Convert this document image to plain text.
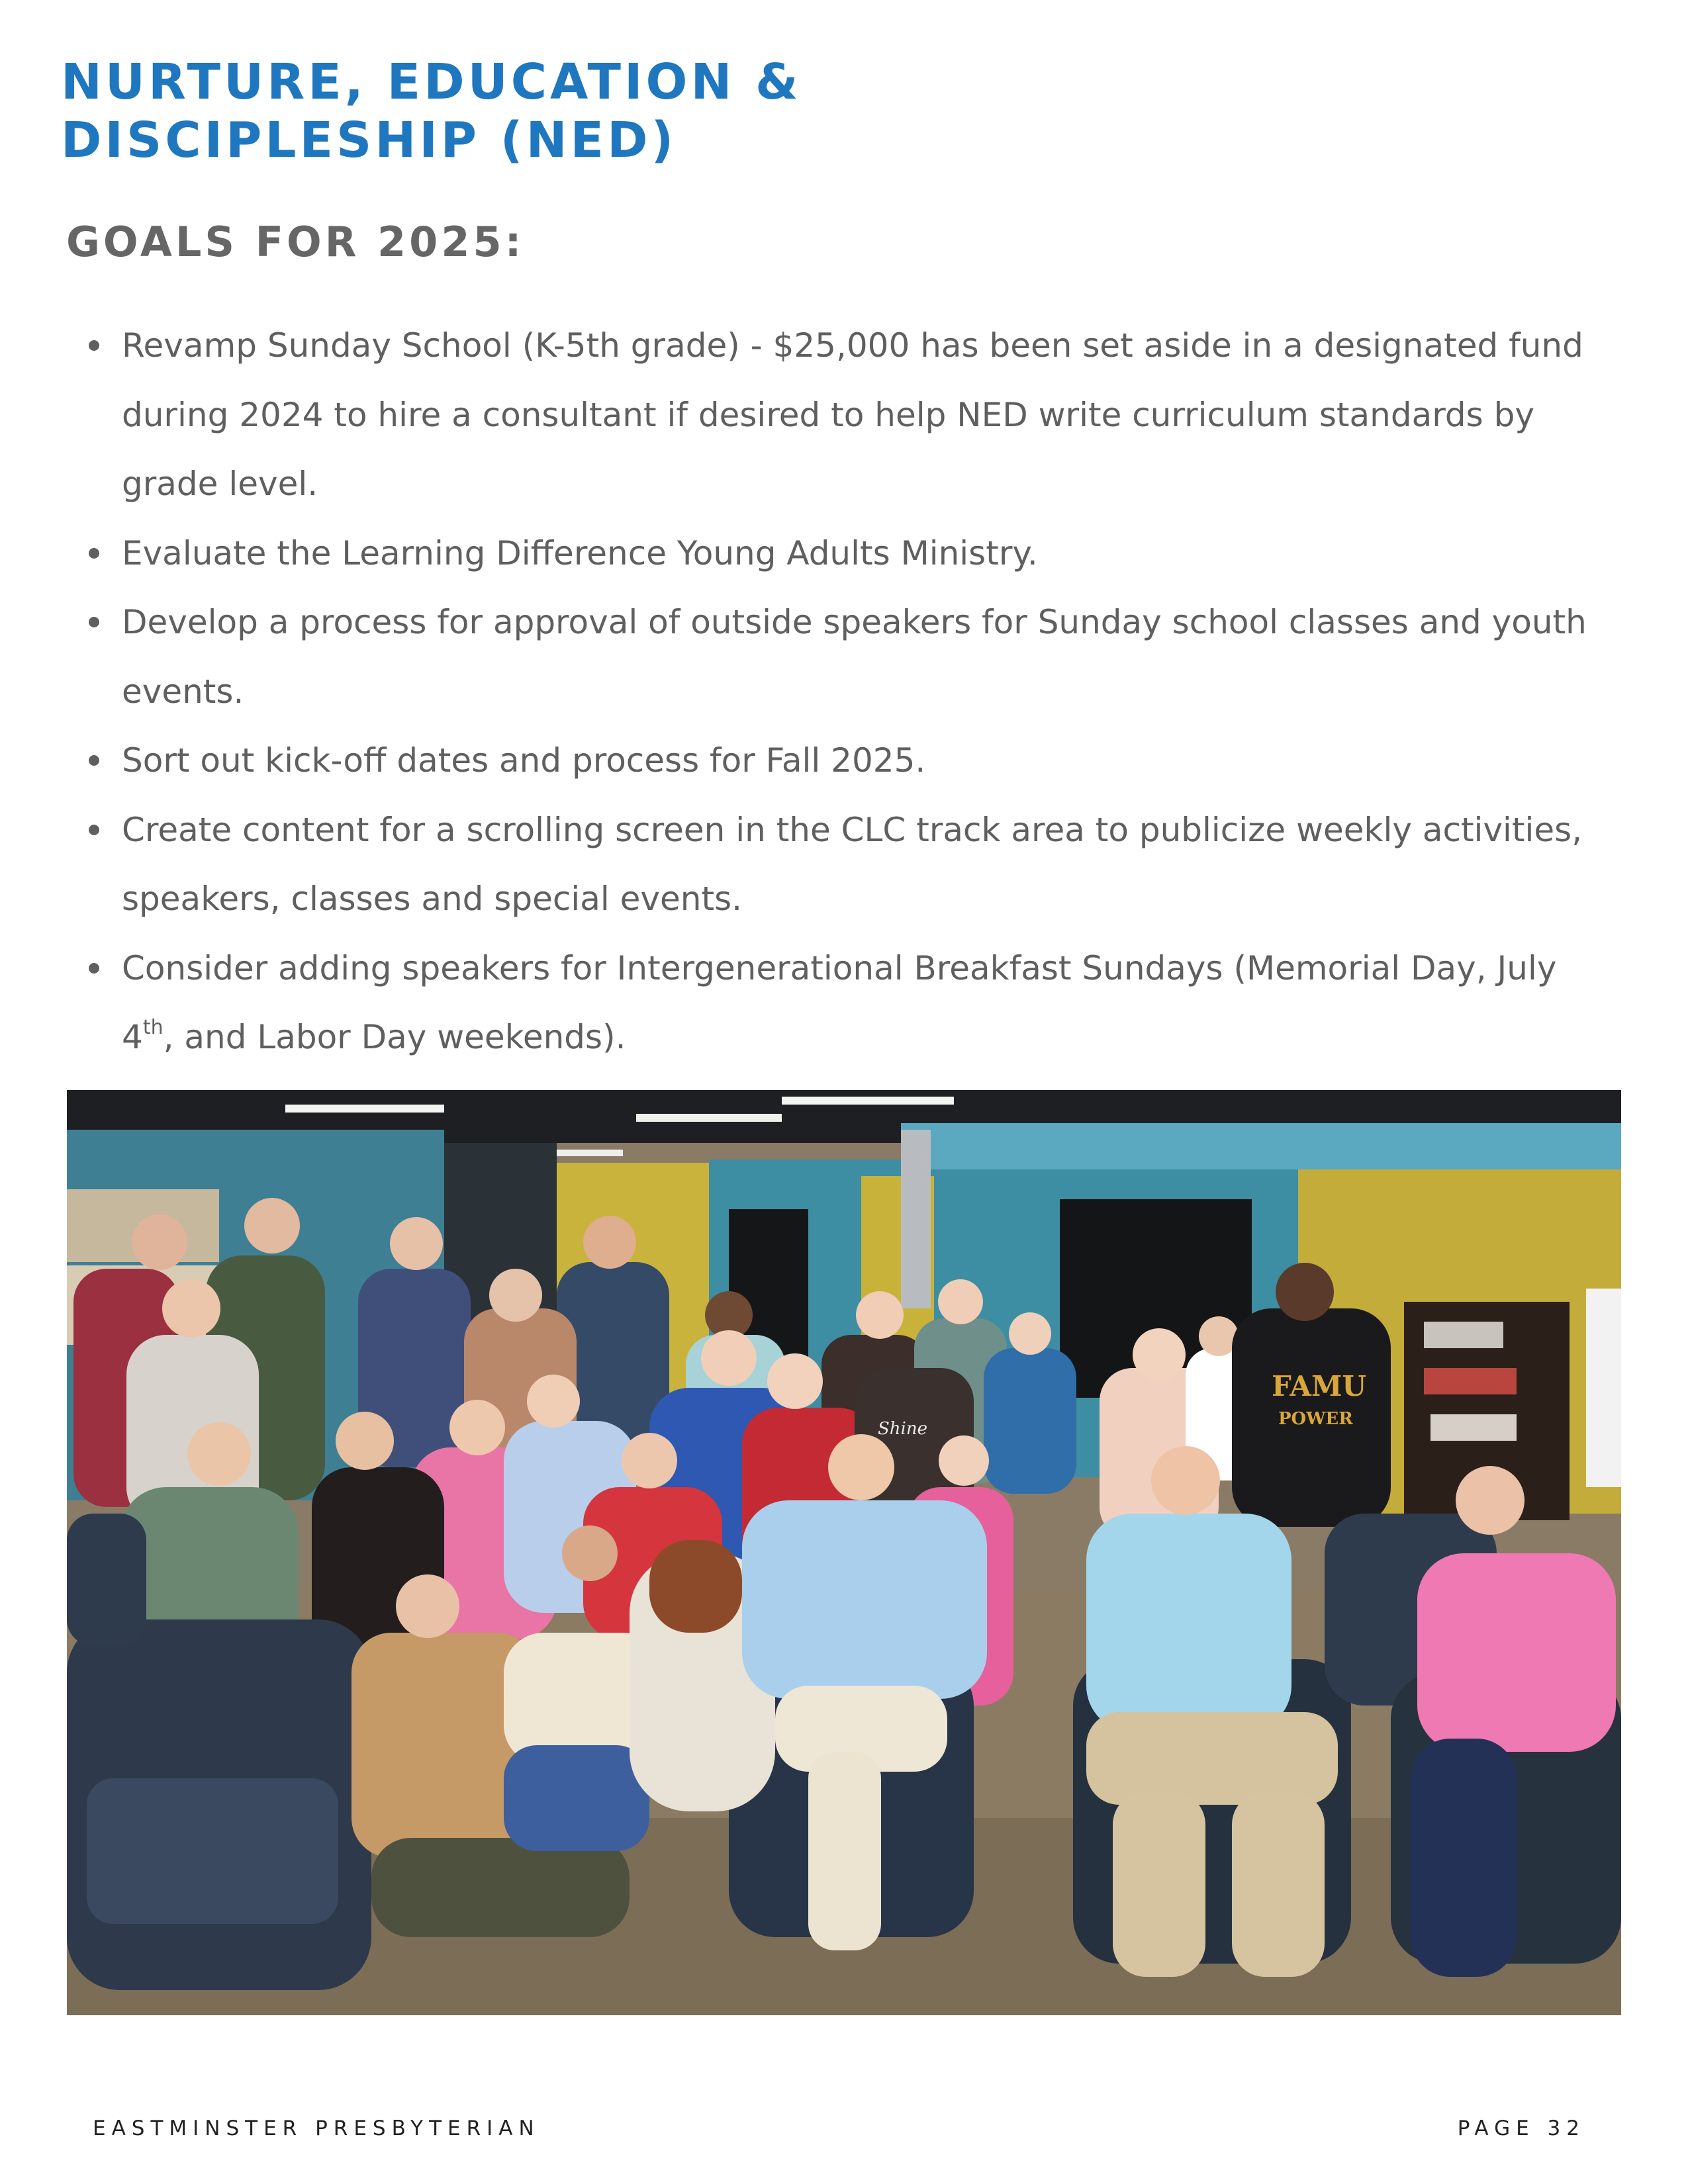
NURTURE, EDUCATION &
DISCIPLESHIP (NED)
GOALS FOR 2025:
Revamp Sunday School (K-5th grade) - $25,000 has been set aside in a designated fund during 2024 to hire a consultant if desired to help NED write curriculum standards by grade level.
Evaluate the Learning Difference Young Adults Ministry.
Develop a process for approval of outside speakers for Sunday school classes and youth events.
Sort out kick-off dates and process for Fall 2025.
Create content for a scrolling screen in the CLC track area to publicize weekly activities, speakers, classes and special events.
Consider adding speakers for Intergenerational Breakfast Sundays (Memorial Day, July 4th, and Labor Day weekends).
FAMU
POWER
Shine

EASTMINSTER PRESBYTERIAN	PAGE 32
